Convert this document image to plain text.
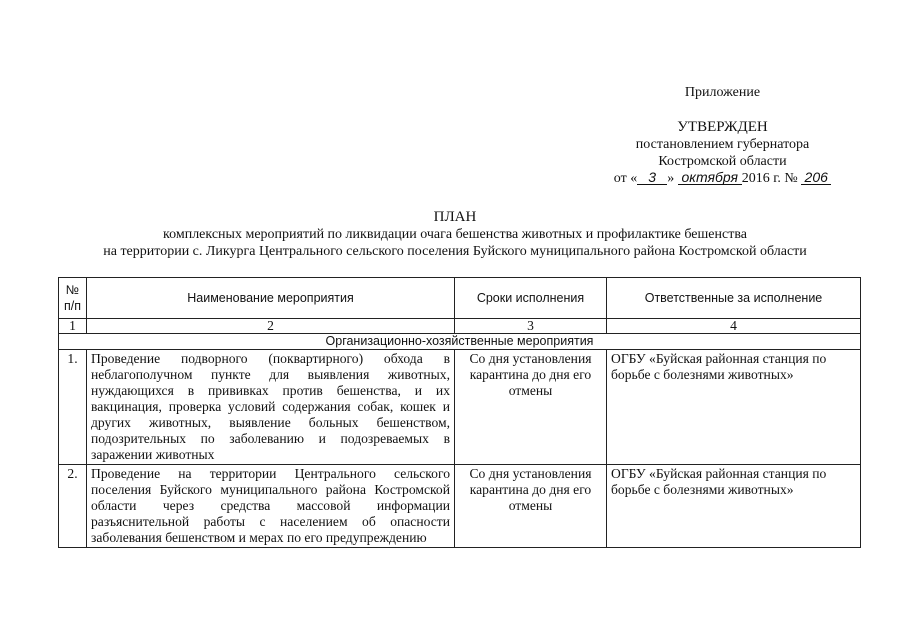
Приложение
УТВЕРЖДЕН
постановлением губернатора
Костромской области
от « 3 » октября 2016 г. № 206
ПЛАН
комплексных мероприятий по ликвидации очага бешенства животных и профилактике бешенства
на территории с. Ликурга Центрального сельского поселения Буйского муниципального района Костромской области
№ п/п	Наименование мероприятия	Сроки исполнения	Ответственные за исполнение
1	2	3	4
Организационно-хозяйственные мероприятия			
1.	Проведение подворного (поквартирного) обхода в неблагополучном пункте для выявления животных, нуждающихся в прививках против бешенства, и их вакцинация, проверка условий содержания собак, кошек и других животных, выявление больных бешенством, подозрительных по заболеванию и подозреваемых в заражении животных	Со дня установления карантина до дня его отмены	ОГБУ «Буйская районная станция по борьбе с болезнями животных»
2.	Проведение на территории Центрального сельского поселения Буйского муниципального района Костромской области через средства массовой информации разъяснительной работы с населением об опасности заболевания бешенством и мерах по его предупреждению	Со дня установления карантина до дня его отмены	ОГБУ «Буйская районная станция по борьбе с болезнями животных»
